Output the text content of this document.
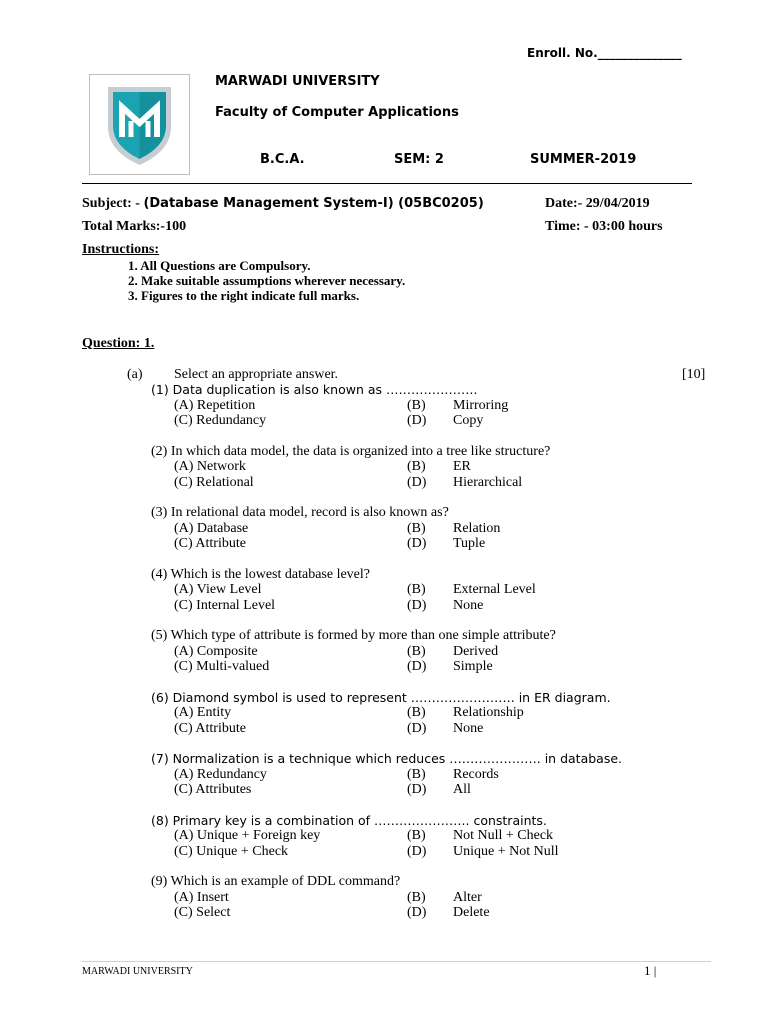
Enroll. No.______________
MARWADI UNIVERSITY
Faculty of Computer Applications
B.C.A.	SEM: 2	SUMMER-2019
Subject: - (Database Management System-I) (05BC0205)	Date:- 29/04/2019
Total Marks:-100	Time: - 03:00 hours
Instructions:
1. All Questions are Compulsory.
2. Make suitable assumptions wherever necessary.
3. Figures to the right indicate full marks.
Question: 1.
(a) Select an appropriate answer.	[10]
(1) Data duplication is also known as ………………….
(A) Repetition	(B) Mirroring
(C) Redundancy	(D) Copy
(2) In which data model, the data is organized into a tree like structure?
(A) Network	(B) ER
(C) Relational	(D) Hierarchical
(3) In relational data model, record is also known as?
(A) Database	(B) Relation
(C) Attribute	(D) Tuple
(4) Which is the lowest database level?
(A) View Level	(B) External Level
(C) Internal Level	(D) None
(5) Which type of attribute is formed by more than one simple attribute?
(A) Composite	(B) Derived
(C) Multi-valued	(D) Simple
(6) Diamond symbol is used to represent ……………………. in ER diagram.
(A) Entity	(B) Relationship
(C) Attribute	(D) None
(7) Normalization is a technique which reduces …………………. in database.
(A) Redundancy	(B) Records
(C) Attributes	(D) All
(8) Primary key is a combination of ………………….. constraints.
(A) Unique + Foreign key	(B) Not Null + Check
(C) Unique + Check	(D) Unique + Not Null
(9) Which is an example of DDL command?
(A) Insert	(B) Alter
(C) Select	(D) Delete
MARWADI UNIVERSITY	1 |
